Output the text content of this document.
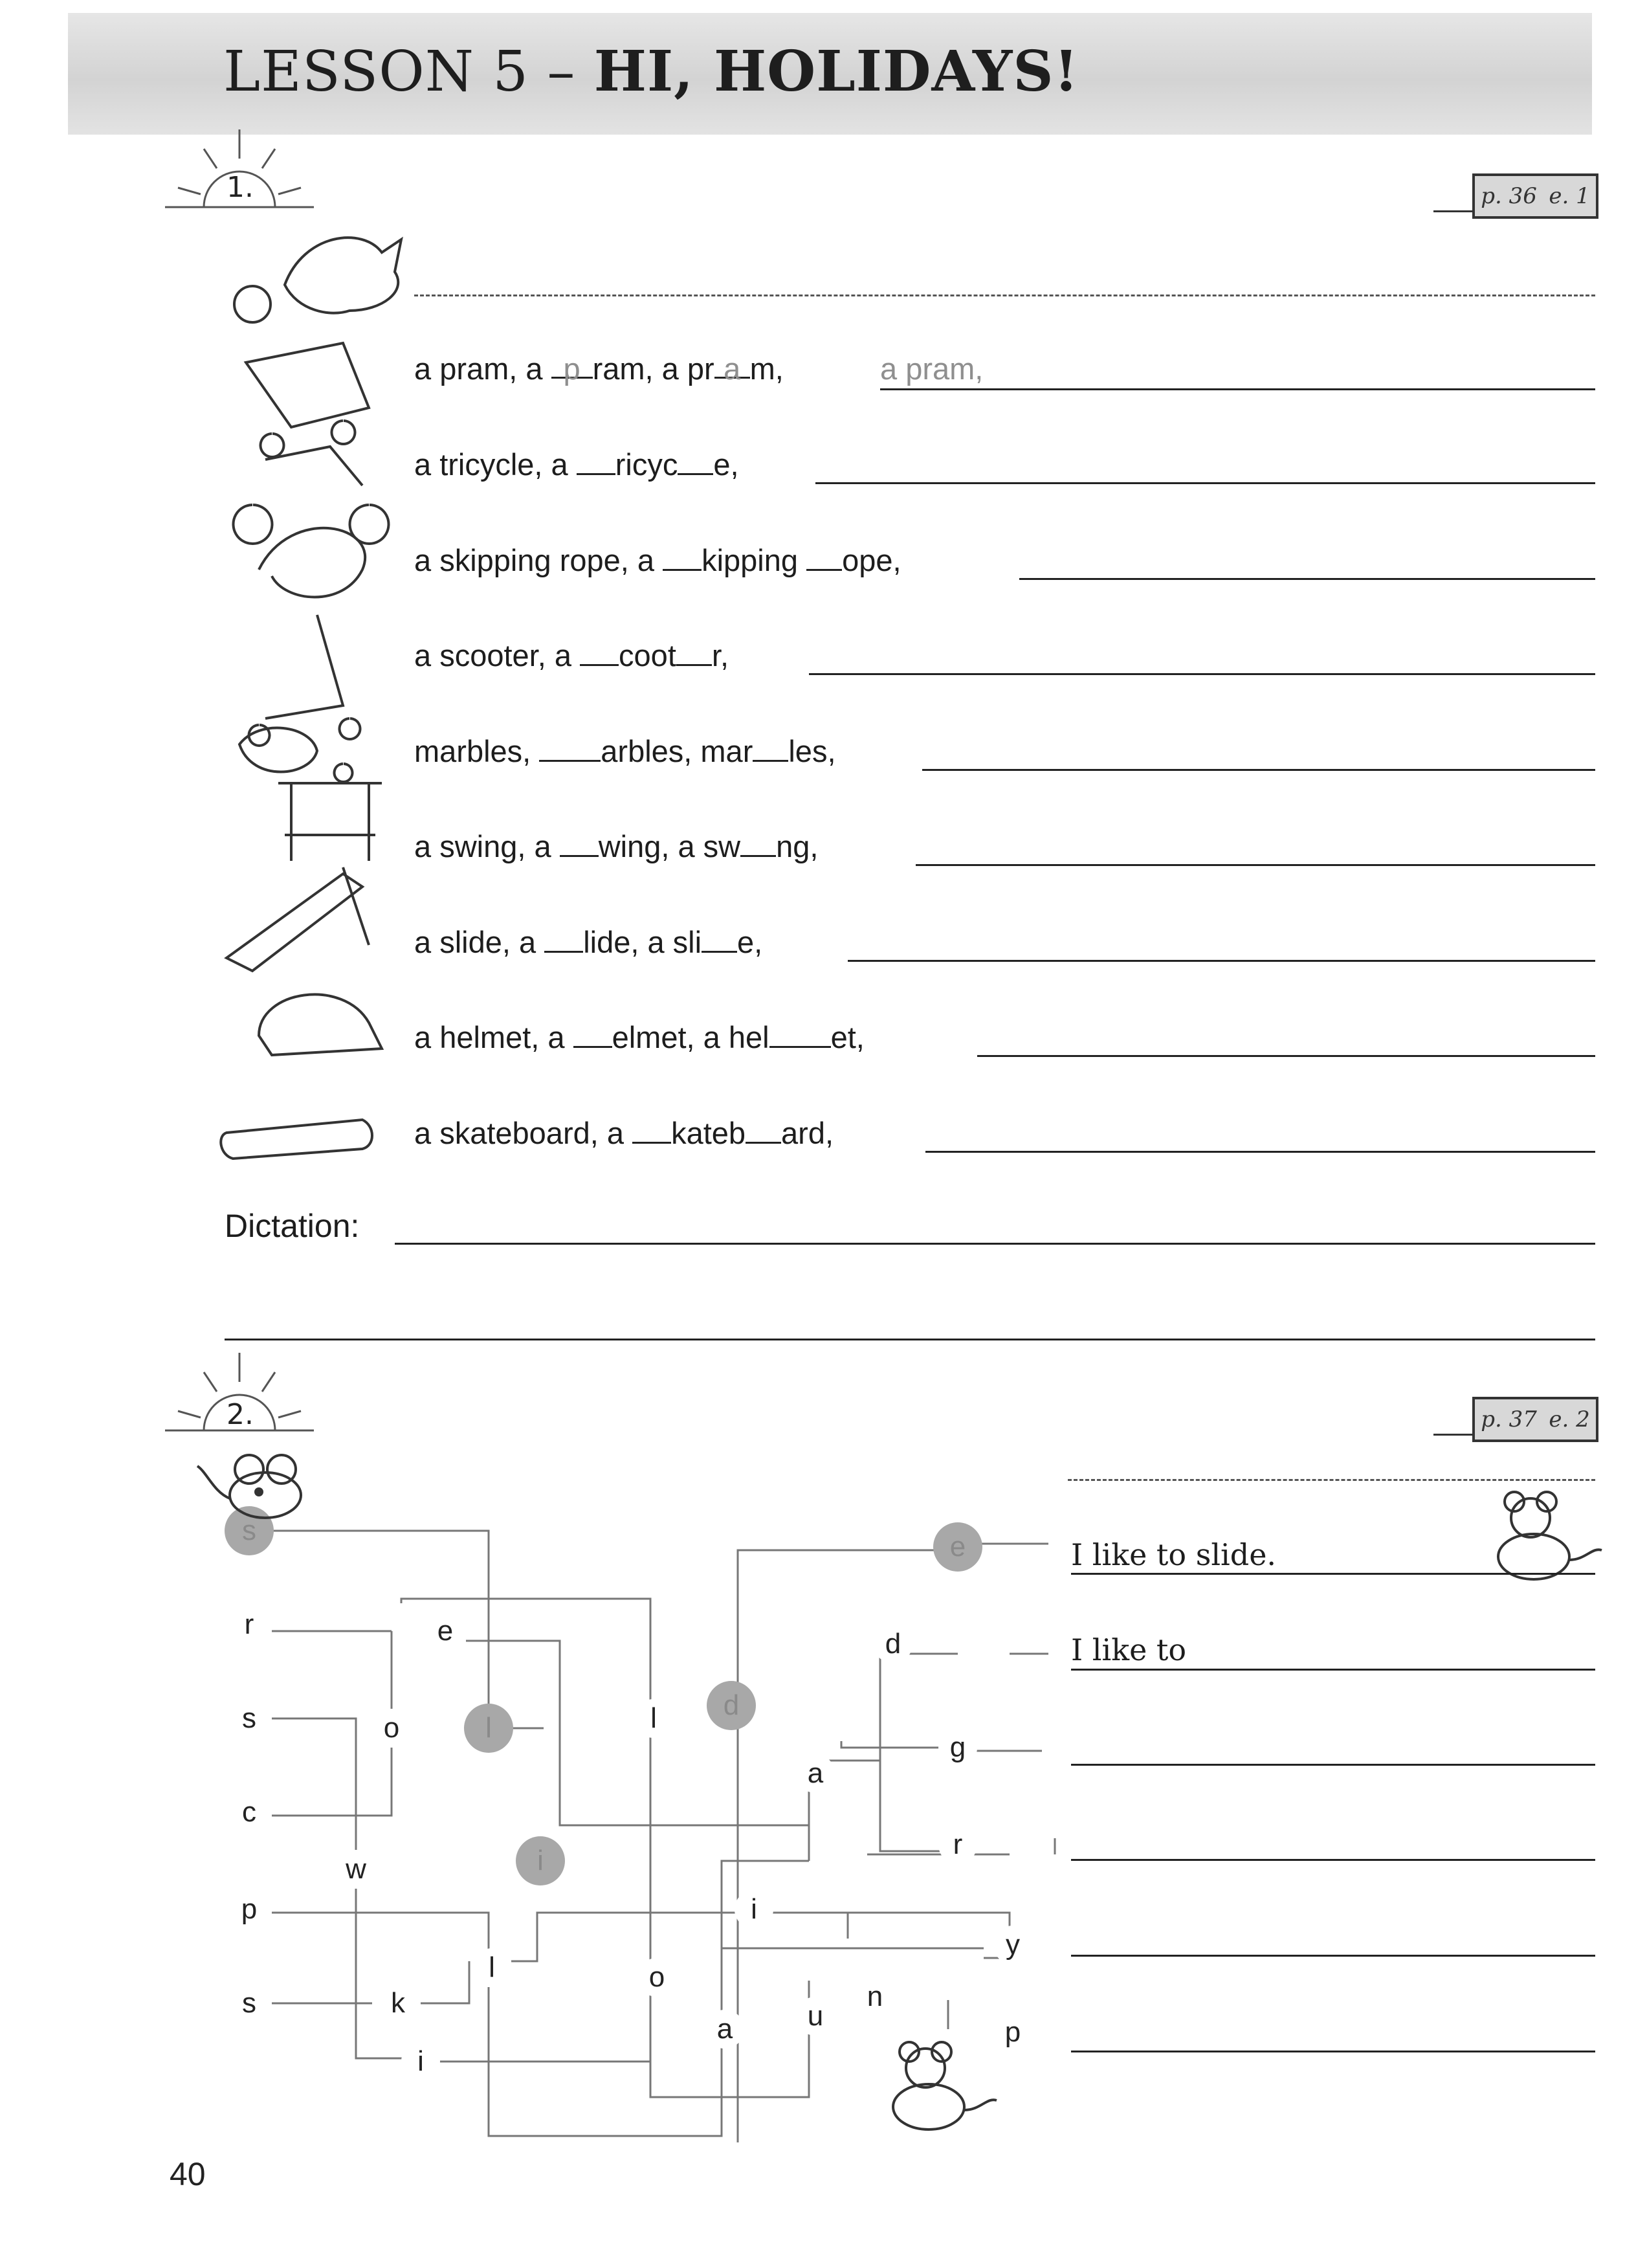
LESSON 5 – HI, HOLIDAYS!
1.	p. 36 e. 1
a pram, a p ram, a pr a m,	a pram,
a tricycle, a ricyc e,
a skipping rope, a kipping ope,
a scooter, a coot r,
marbles, arbles, mar les,
a swing, a wing, a sw ng,
a slide, a lide, a sli e,
a helmet, a elmet, a hel et,
a skateboard, a kateb ard,
Dictation:
2.	p. 37 e. 2
s
r	e
s	o	l	l	d
e
d
a
g
c
w	i
r
p	i
l
y
o
n
s	k	u
a	p
i
I like to slide.
I like to
40
